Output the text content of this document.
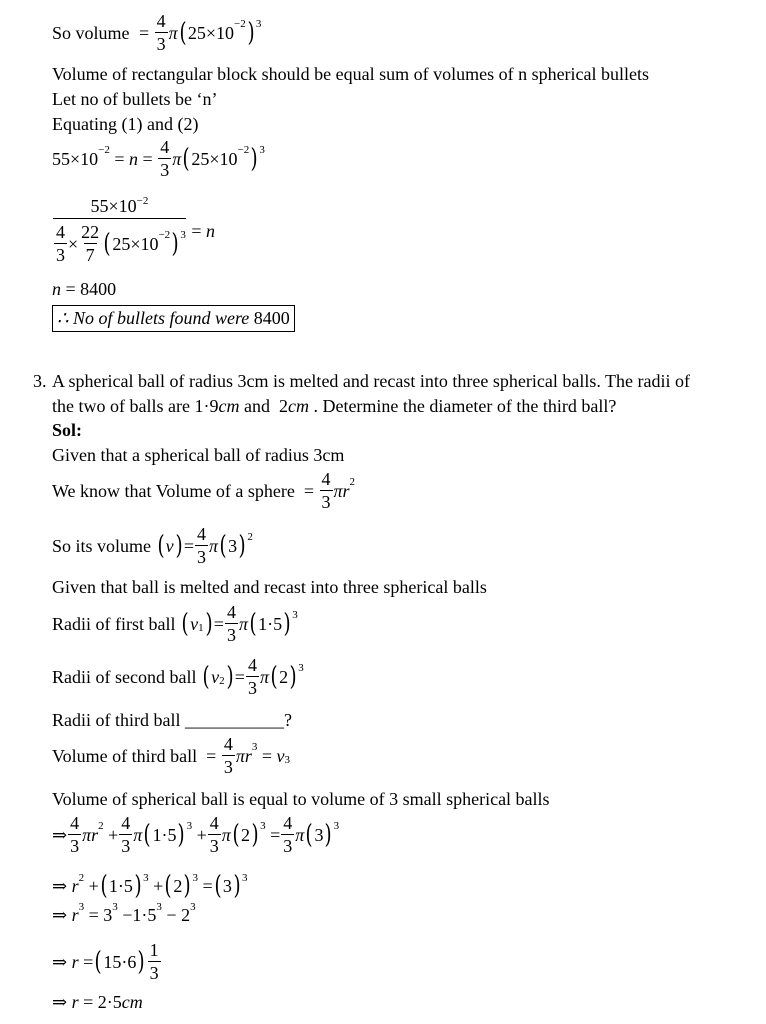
So volume = $\frac{4}{3}$ π ( $25\times 10^{-2}$ )$^3$
Volume of rectangular block should be equal sum of volumes of n spherical bullets
Let no of bullets be ‘n’
Equating (1) and (2)
$55\times 10^{-2} = n = \frac{4}{3}$ π ( $25\times 10^{-2}$ )$^3$
$\frac{55\times 10^{-2}}{\frac{4}{3} \times \frac{22}{7} ( 25\times 10^{-2} )^3} = n$
n = 8400
∴ No of bullets found were 8400
3. A spherical ball of radius 3cm is melted and recast into three spherical balls. The radii of
the two of balls are
1·9 cm
and
2 cm
. Determine the diameter of the third ball?
Sol:
Given that a spherical ball of radius 3cm
We know that Volume of a sphere = $\frac{4}{3} \pi r^2$
So its volume
( v ) = $\frac{4}{3}$ π ( 3 )$^2$
Given that ball is melted and recast into three spherical balls
Radii of first ball
( $v_1$ ) = $\frac{4}{3}$ π ( 1·5 )$^3$
Radii of second ball
( $v_2$ ) = $\frac{4}{3}$ π ( 2 )$^3$
Radii of third ball ___________?
Volume of third ball = $\frac{4}{3} \pi r^3 = v_3$
Volume of spherical ball is equal to volume of 3 small spherical balls
⇒ $\frac{4}{3} \pi r^2 + \frac{4}{3}$ π ( 1·5 )$^3 + \frac{4}{3}$ π ( 2 )$^3 = \frac{4}{3}$ π ( 3 )$^3$
⇒ $r^2$ + ( 1·5 )$^3$ + ( 2 )$^3$ = ( 3 )$^3$
⇒ $r^3 = 3^3 -1\cdot 5^3 - 2^3$
⇒ r = ( 15·6 ) $\frac{1}{3}$
⇒ r = 2·5 cm
